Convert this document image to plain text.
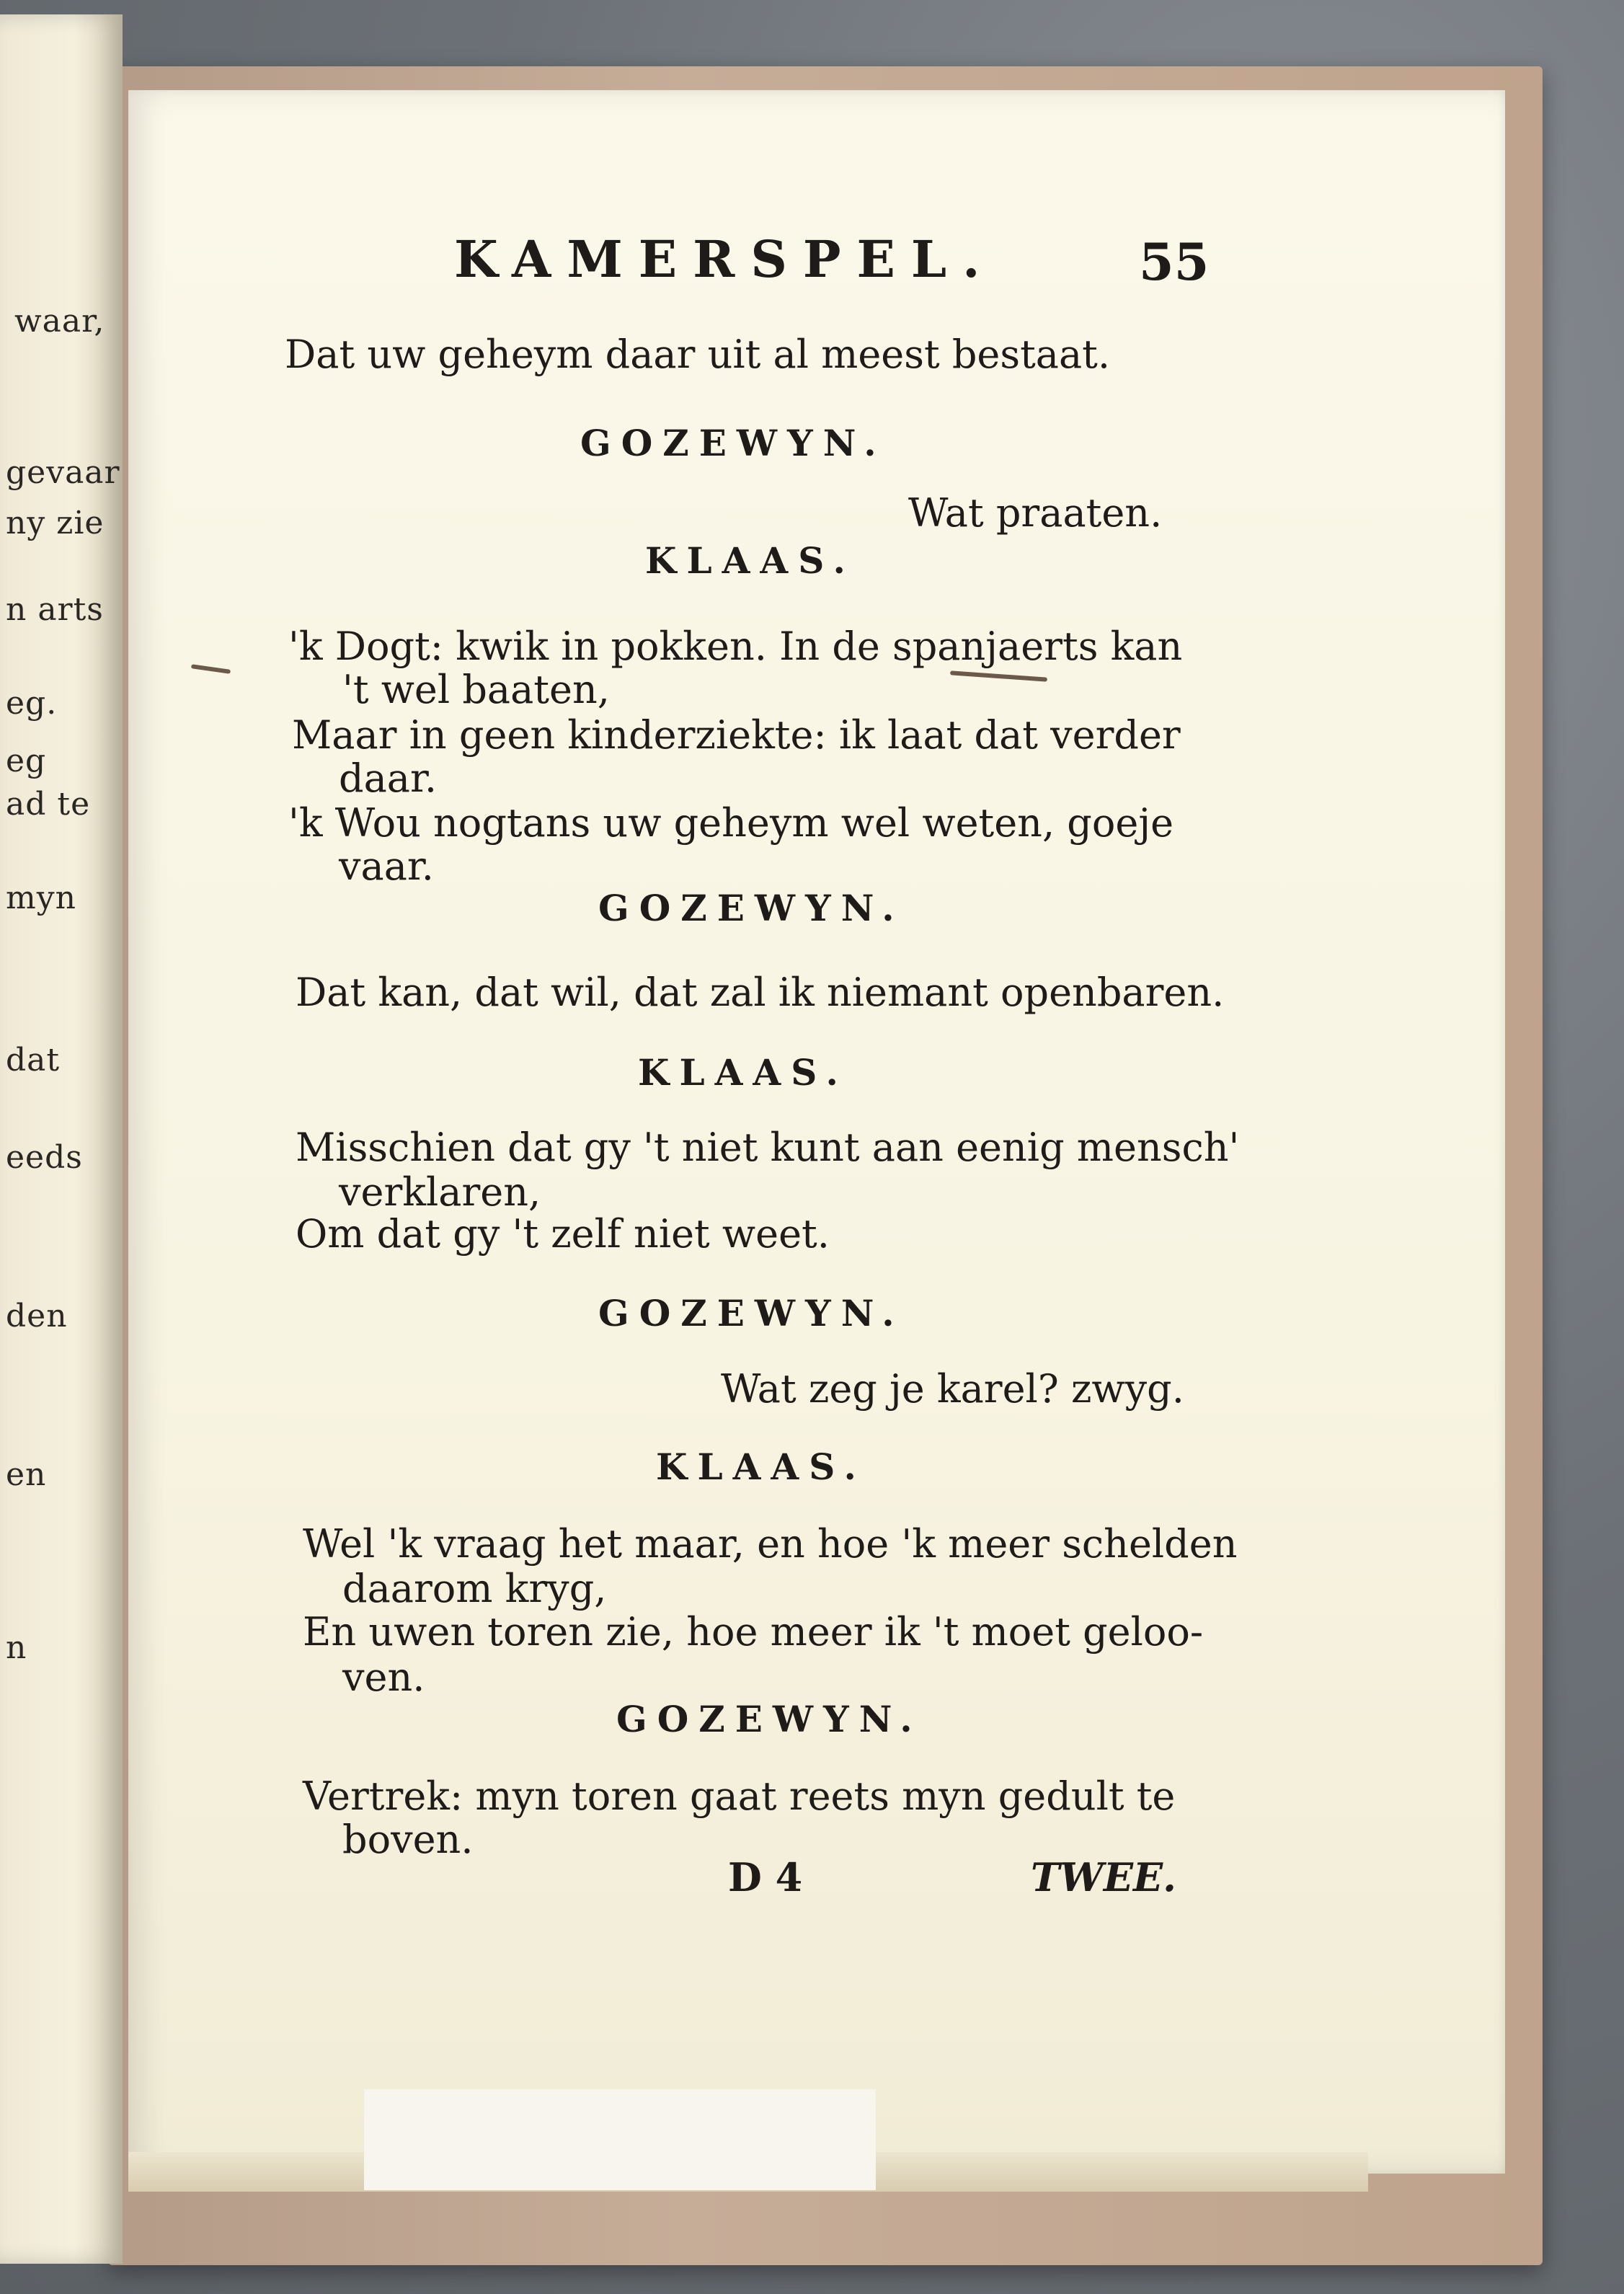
waar,
gevaar
ny zie
n arts
eg.
eg
ad te
myn
dat
eeds
den
en
n
KAMERSPEL.	55
Dat uw geheym daar uit al meest bestaat.
GOZEWYN.
Wat praaten.
KLAAS.
'k Dogt: kwik in pokken. In de spanjaerts kan
't wel baaten,
Maar in geen kinderziekte: ik laat dat verder
daar.
'k Wou nogtans uw geheym wel weten, goeje
vaar.
GOZEWYN.
Dat kan, dat wil, dat zal ik niemant openbaren.
KLAAS.
Misschien dat gy 't niet kunt aan eenig mensch'
verklaren,
Om dat gy 't zelf niet weet.
GOZEWYN.
Wat zeg je karel? zwyg.
KLAAS.
Wel 'k vraag het maar, en hoe 'k meer schelden
daarom kryg,
En uwen toren zie, hoe meer ik 't moet geloo-
ven.
GOZEWYN.
Vertrek: myn toren gaat reets myn gedult te
boven.
D 4	TWEE.
